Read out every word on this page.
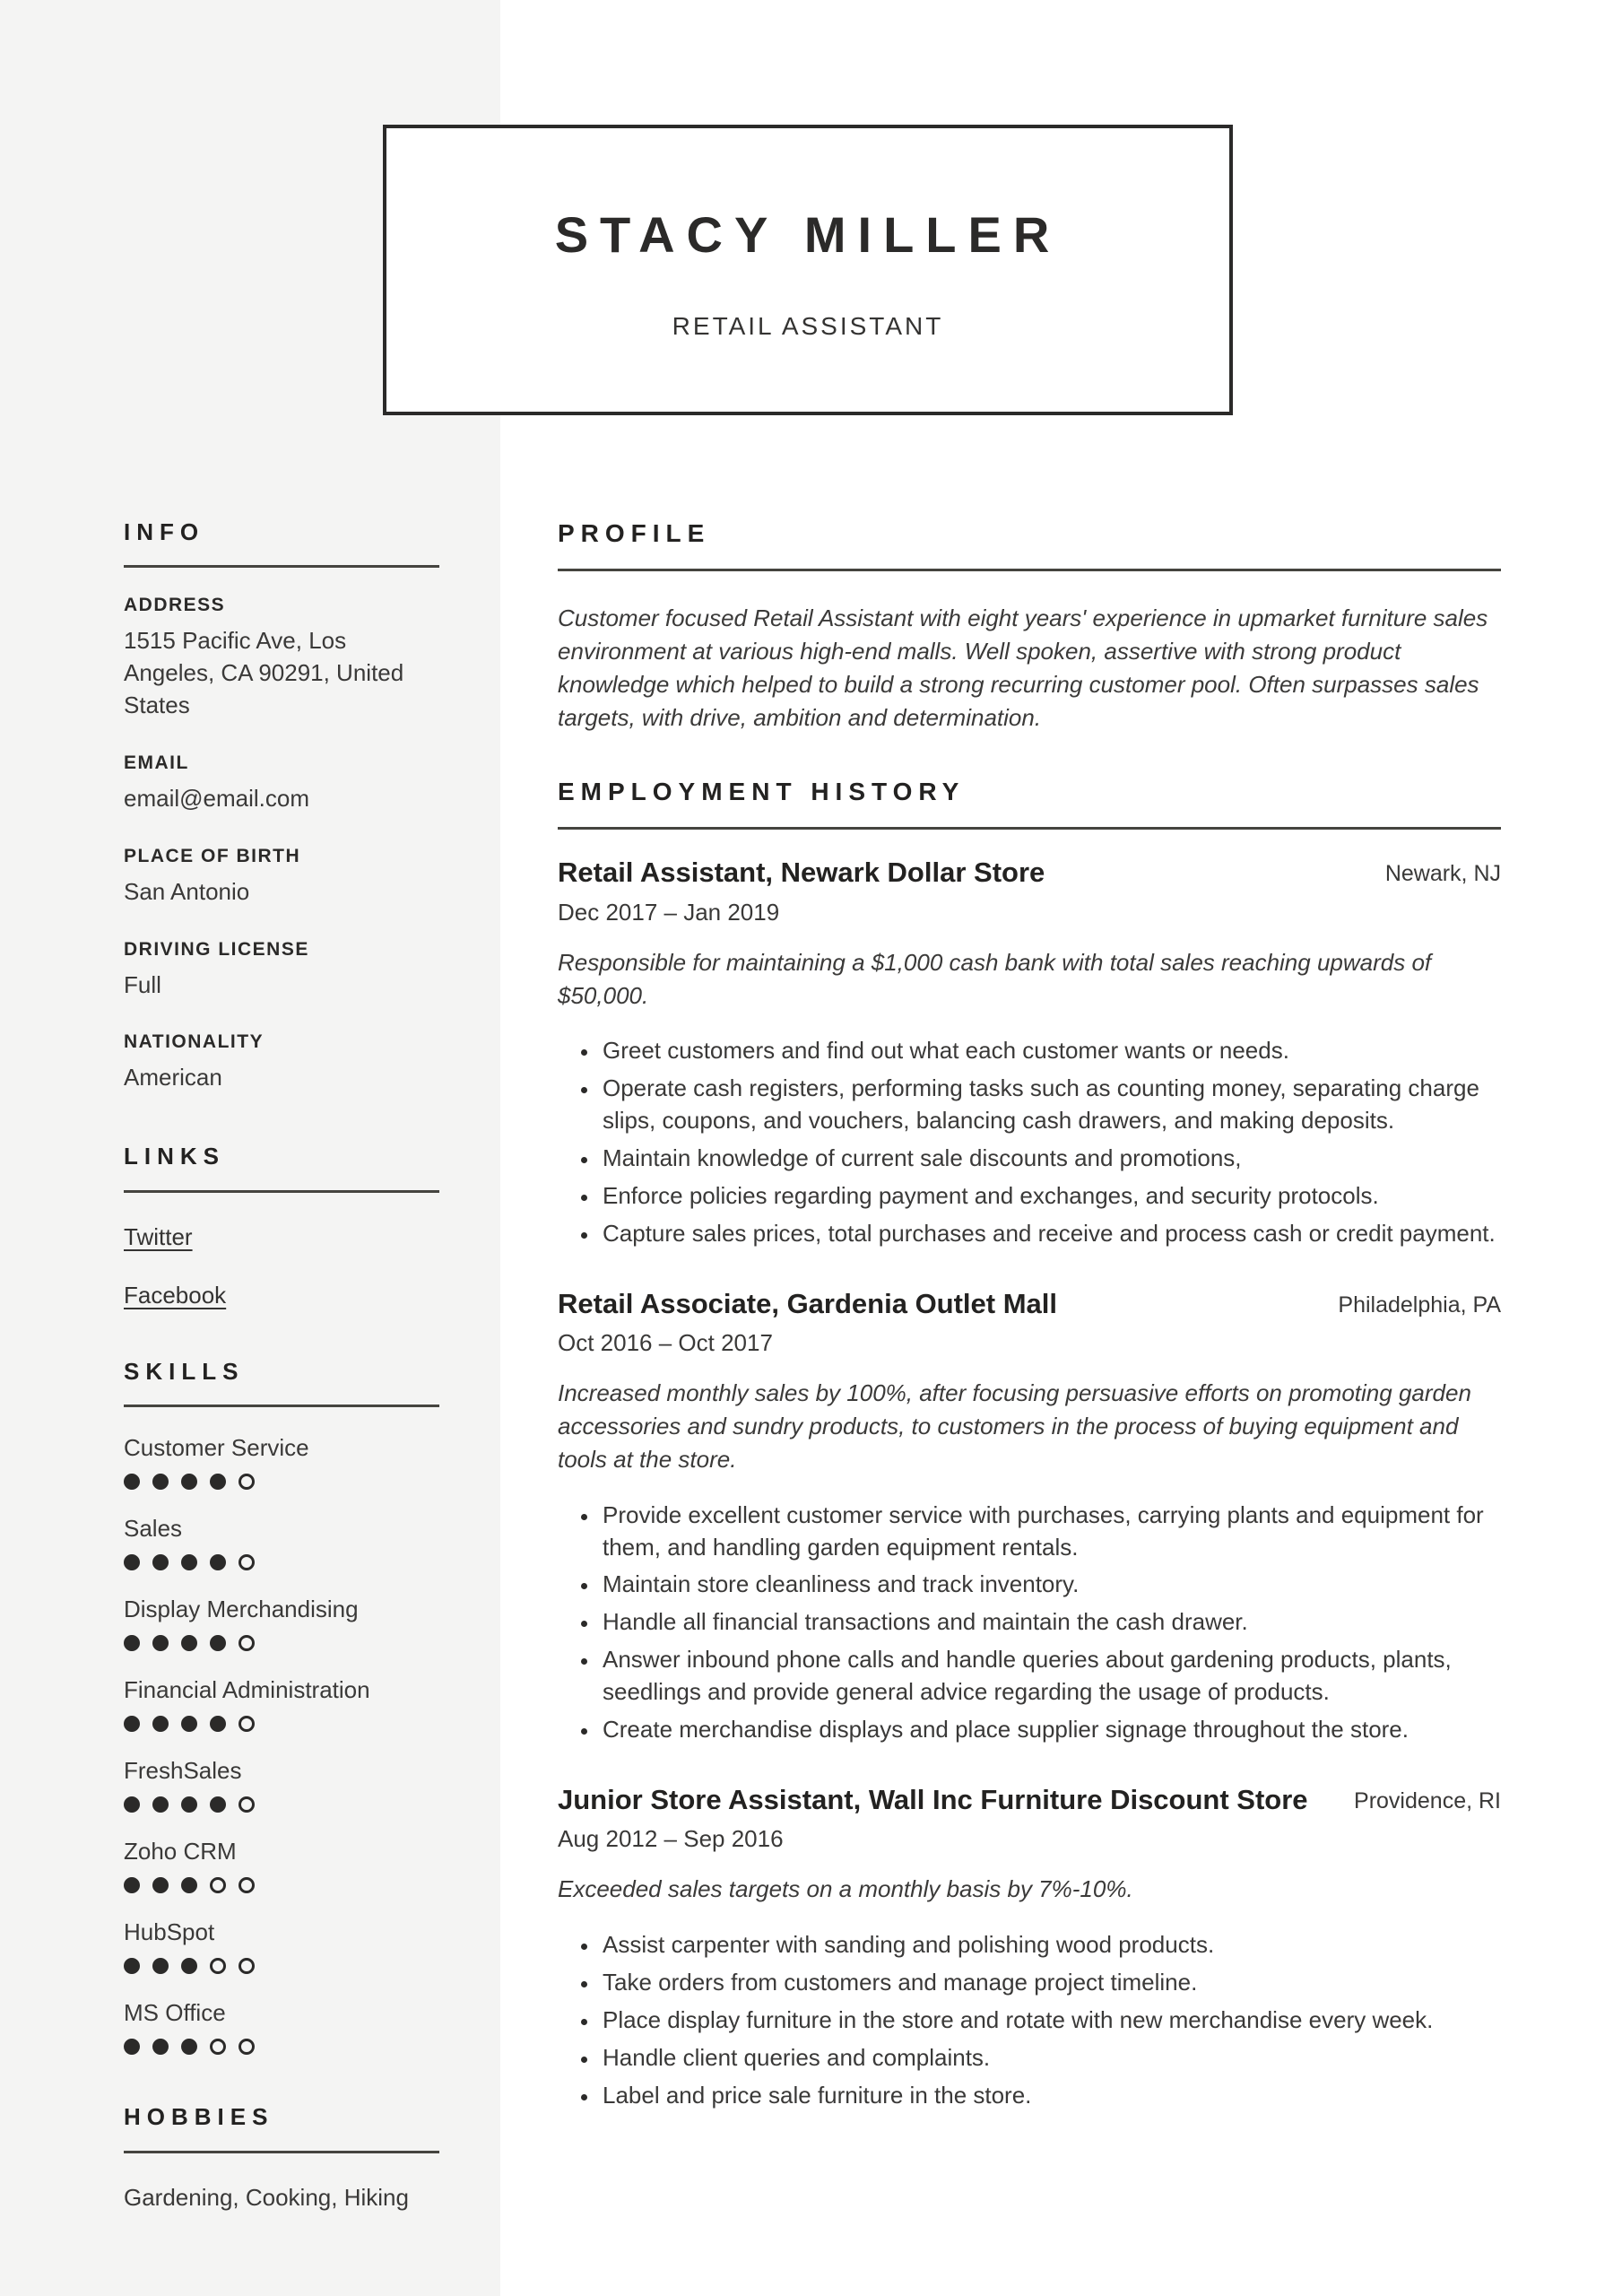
STACY MILLER
RETAIL ASSISTANT
INFO
ADDRESS
1515 Pacific Ave, Los Angeles, CA 90291, United States
EMAIL
email@email.com
PLACE OF BIRTH
San Antonio
DRIVING LICENSE
Full
NATIONALITY
American
LINKS
Twitter
Facebook
SKILLS
Customer Service
Sales
Display Merchandising
Financial Administration
FreshSales
Zoho CRM
HubSpot
MS Office
HOBBIES

Gardening, Cooking, Hiking

PROFILE

Customer focused Retail Assistant with eight years' experience in upmarket furniture sales environment at various high-end malls. Well spoken, assertive with strong product knowledge which helped to build a strong recurring customer pool. Often surpasses sales targets, with drive, ambition and determination.

EMPLOYMENT HISTORY
Retail Assistant, Newark Dollar Store	Newark, NJ
Dec 2017 – Jan 2019

Responsible for maintaining a $1,000 cash bank with total sales reaching upwards of $50,000.

• Greet customers and find out what each customer wants or needs.
• Operate cash registers, performing tasks such as counting money, separating charge slips, coupons, and vouchers, balancing cash drawers, and making deposits.
• Maintain knowledge of current sale discounts and promotions,
• Enforce policies regarding payment and exchanges, and security protocols.
• Capture sales prices, total purchases and receive and process cash or credit payment.
Retail Associate, Gardenia Outlet Mall	Philadelphia, PA
Oct 2016 – Oct 2017

Increased monthly sales by 100%, after focusing persuasive efforts on promoting garden accessories and sundry products, to customers in the process of buying equipment and tools at the store.

• Provide excellent customer service with purchases, carrying plants and equipment for them, and handling garden equipment rentals.
• Maintain store cleanliness and track inventory.
• Handle all financial transactions and maintain the cash drawer.
• Answer inbound phone calls and handle queries about gardening products, plants, seedlings and provide general advice regarding the usage of products.
• Create merchandise displays and place supplier signage throughout the store.
Junior Store Assistant, Wall Inc Furniture Discount Store	Providence, RI
Aug 2012 – Sep 2016

Exceeded sales targets on a monthly basis by 7%-10%.

• Assist carpenter with sanding and polishing wood products.
• Take orders from customers and manage project timeline.
• Place display furniture in the store and rotate with new merchandise every week.
• Handle client queries and complaints.
• Label and price sale furniture in the store.
